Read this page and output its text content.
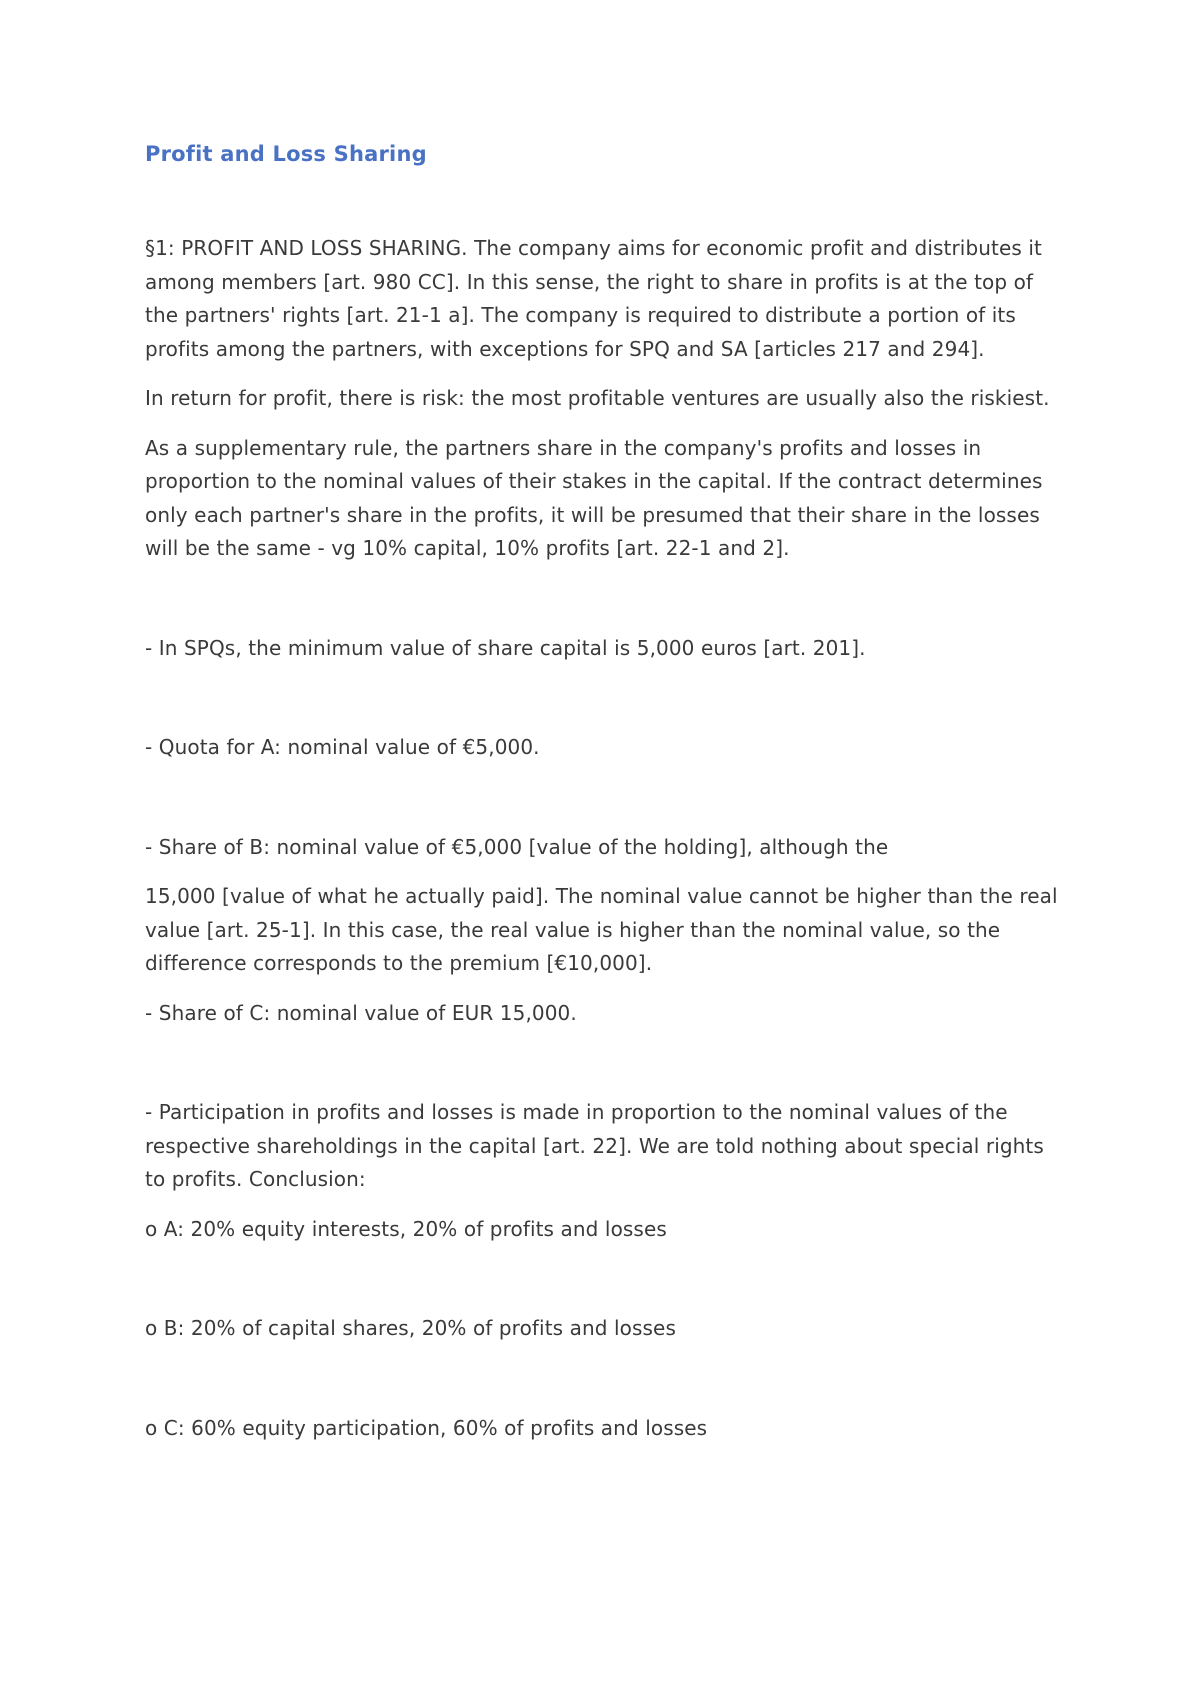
Profit and Loss Sharing

§1: PROFIT AND LOSS SHARING. The company aims for economic profit and distributes it among members [art. 980 CC]. In this sense, the right to share in profits is at the top of the partners' rights [art. 21-1 a]. The company is required to distribute a portion of its profits among the partners, with exceptions for SPQ and SA [articles 217 and 294].

In return for profit, there is risk: the most profitable ventures are usually also the riskiest.

As a supplementary rule, the partners share in the company's profits and losses in proportion to the nominal values of their stakes in the capital. If the contract determines only each partner's share in the profits, it will be presumed that their share in the losses will be the same - vg 10% capital, 10% profits [art. 22-1 and 2].

- In SPQs, the minimum value of share capital is 5,000 euros [art. 201].

- Quota for A: nominal value of €5,000.

- Share of B: nominal value of €5,000 [value of the holding], although the

15,000 [value of what he actually paid]. The nominal value cannot be higher than the real value [art. 25-1]. In this case, the real value is higher than the nominal value, so the difference corresponds to the premium [€10,000].

- Share of C: nominal value of EUR 15,000.

- Participation in profits and losses is made in proportion to the nominal values of the respective shareholdings in the capital [art. 22]. We are told nothing about special rights to profits. Conclusion:

o A: 20% equity interests, 20% of profits and losses

o B: 20% of capital shares, 20% of profits and losses

o C: 60% equity participation, 60% of profits and losses
